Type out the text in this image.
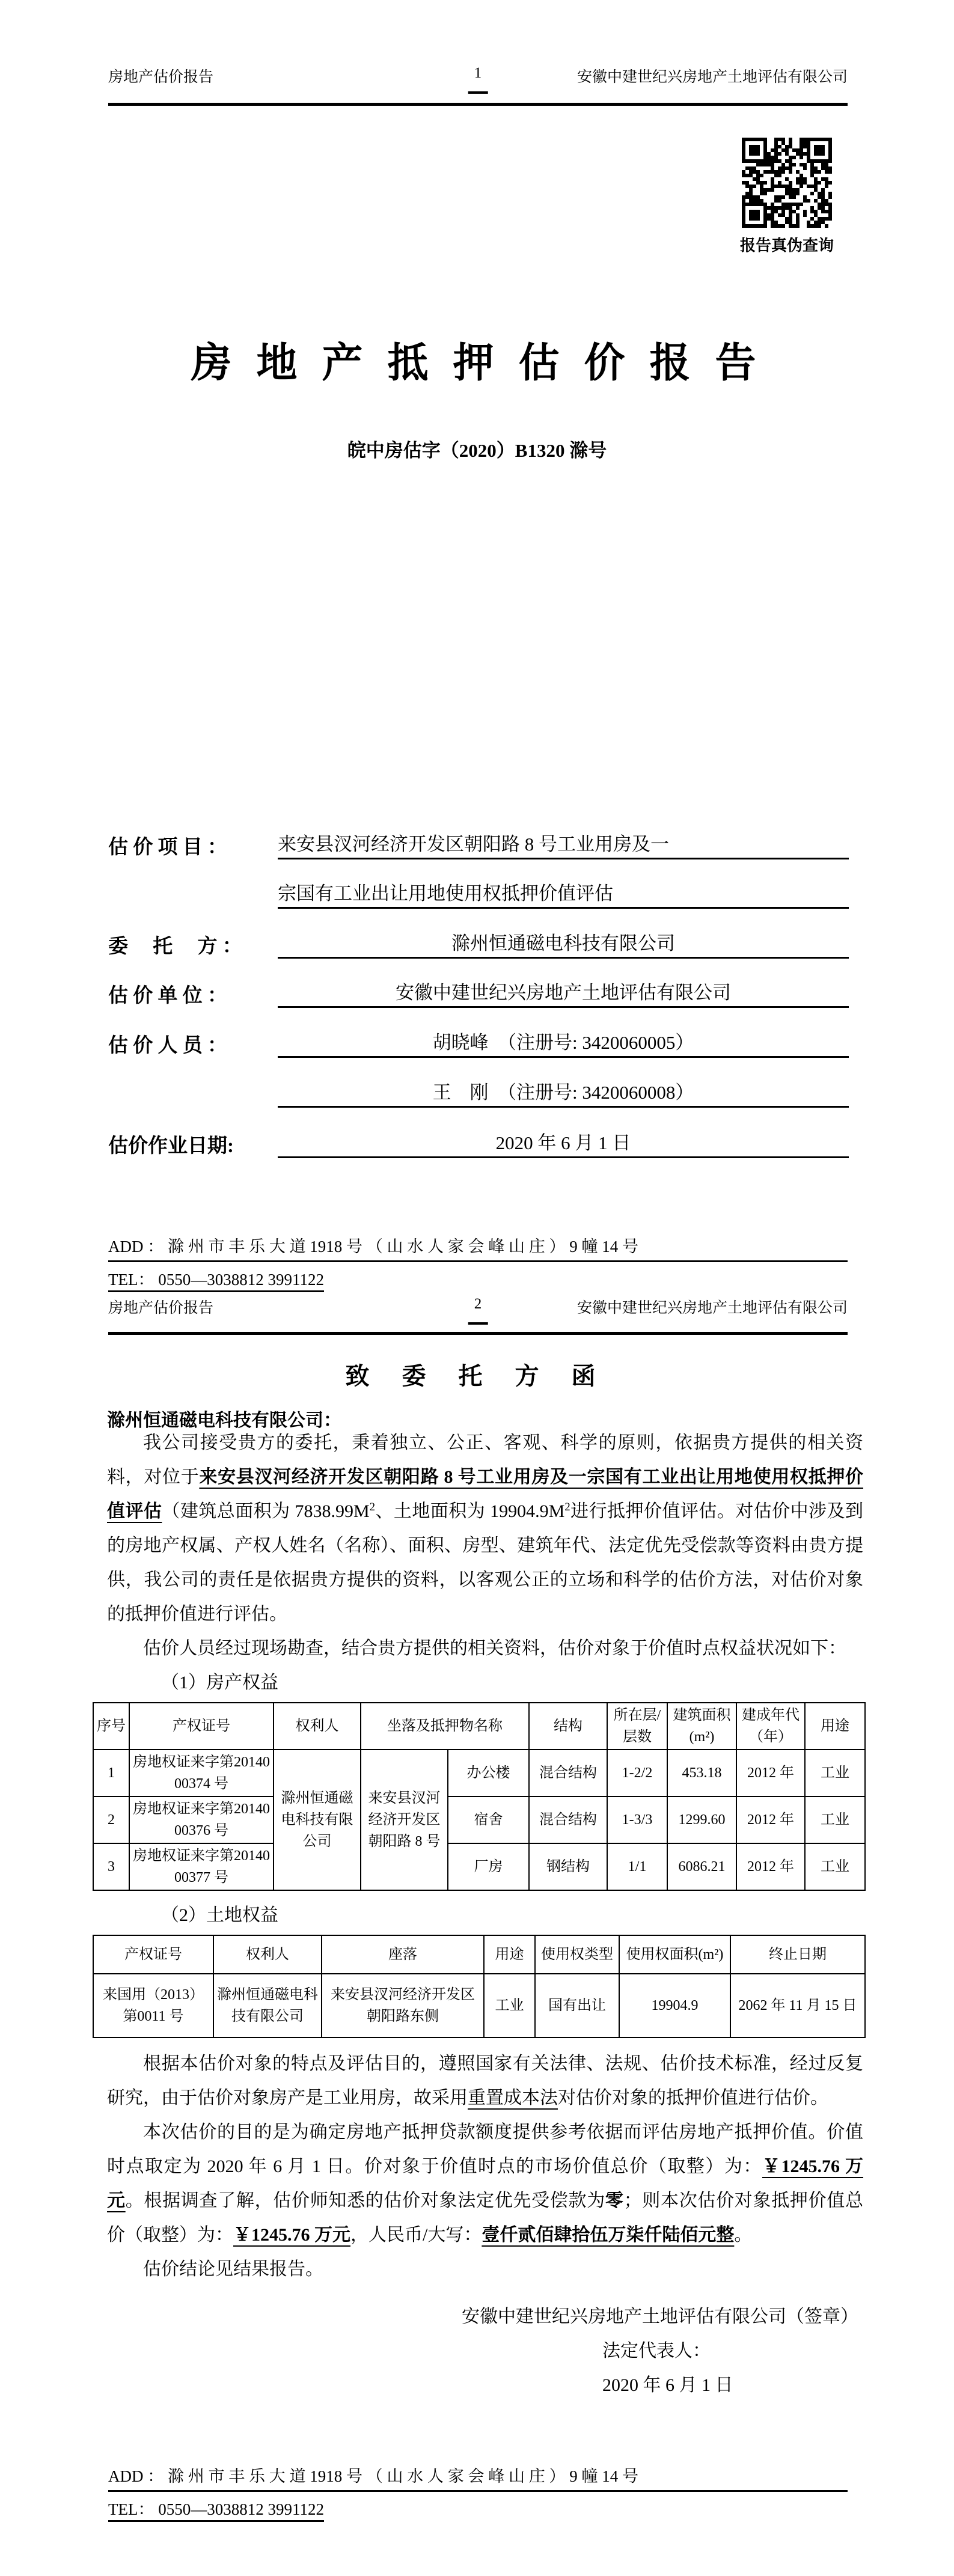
房地产估价报告	1	安徽中建世纪兴房地产土地评估有限公司
报告真伪查询
房 地 产 抵 押 估 价 报 告
皖中房估字（2020）B1320 滁号
估 价 项 目 ：	来安县汊河经济开发区朝阳路 8 号工业用房及一
宗国有工业出让用地使用权抵押价值评估
委　 托 　方 ：	滁州恒通磁电科技有限公司
估 价 单 位 ：	安徽中建世纪兴房地产土地评估有限公司
估 价 人 员 ：	胡晓峰　（注册号: 3420060005）
王　刚　（注册号: 3420060008）
估价作业日期:	2020 年 6 月 1 日
ADD ： 滁 州 市 丰 乐 大 道 1918 号 （ 山 水 人 家 会 峰 山 庄 ） 9 幢 14 号
TEL： 0550—3038812 3991122
房地产估价报告	2	安徽中建世纪兴房地产土地评估有限公司
致 委 托 方 函
滁州恒通磁电科技有限公司：

我公司接受贵方的委托，秉着独立、公正、客观、科学的原则，依据贵方提供的相关资料，对位于来安县汊河经济开发区朝阳路 8 号工业用房及一宗国有工业出让用地使用权抵押价值评估（建筑总面积为 $7838.99M^2$、土地面积为 $19904.9M^2$进行抵押价值评估。对估价中涉及到的房地产权属、产权人姓名（名称）、面积、房型、建筑年代、法定优先受偿款等资料由贵方提供，我公司的责任是依据贵方提供的资料，以客观公正的立场和科学的估价方法，对估价对象的抵押价值进行评估。

估价人员经过现场勘查，结合贵方提供的相关资料，估价对象于价值时点权益状况如下：

（1）房产权益
序号	产权证号	权利人	坐落及抵押物名称		结构	所在层/层数	建筑面积(m²)	建成年代（年）	用途
1	房地权证来字第2014000374 号	滁州恒通磁电科技有限公司	来安县汊河经济开发区朝阳路 8 号	办公楼	混合结构	1-2/2	453.18	2012 年	工业
2	房地权证来字第2014000376 号			宿舍	混合结构	1-3/3	1299.60	2012 年	工业
3	房地权证来字第2014000377 号			厂房	钢结构	1/1	6086.21	2012 年	工业
（2）土地权益
产权证号	权利人	座落	用途	使用权类型	使用权面积(m²)	终止日期
来国用（2013）第0011 号	滁州恒通磁电科技有限公司	来安县汊河经济开发区朝阳路东侧	工业	国有出让	19904.9	2062 年 11 月 15 日

根据本估价对象的特点及评估目的，遵照国家有关法律、法规、估价技术标准，经过反复研究，由于估价对象房产是工业用房，故采用重置成本法对估价对象的抵押价值进行估价。

本次估价的目的是为确定房地产抵押贷款额度提供参考依据而评估房地产抵押价值。价值时点取定为 2020 年 6 月 1 日。价对象于价值时点的市场价值总价（取整）为：￥1245.76 万元。根据调查了解，估价师知悉的估价对象法定优先受偿款为零；则本次估价对象抵押价值总价（取整）为：￥1245.76 万元，人民币/大写：壹仟贰佰肆拾伍万柒仟陆佰元整。

估价结论见结果报告。

安徽中建世纪兴房地产土地评估有限公司（签章）
法定代表人：
2020 年 6 月 1 日
ADD ： 滁 州 市 丰 乐 大 道 1918 号 （ 山 水 人 家 会 峰 山 庄 ） 9 幢 14 号
TEL： 0550—3038812 3991122
